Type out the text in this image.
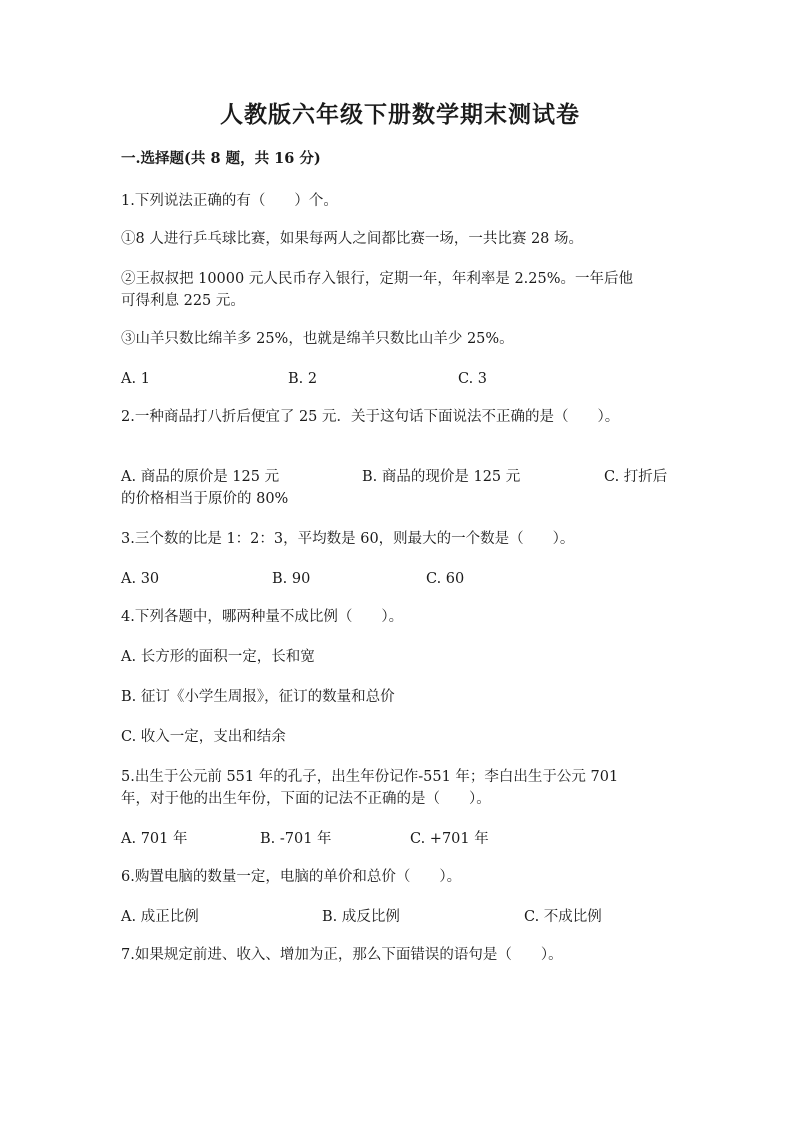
人教版六年级下册数学期末测试卷
一.选择题(共 8 题，共 16 分)
1.下列说法正确的有（　　）个。
①8 人进行乒乓球比赛，如果每两人之间都比赛一场，一共比赛 28 场。
②王叔叔把 10000 元人民币存入银行，定期一年，年利率是 2.25%。一年后他
可得利息 225 元。
③山羊只数比绵羊多 25%，也就是绵羊只数比山羊少 25%。
A. 1	B. 2	C. 3
2.一种商品打八折后便宜了 25 元．关于这句话下面说法不正确的是（　　）。
A. 商品的原价是 125 元	B. 商品的现价是 125 元	C. 打折后
的价格相当于原价的 80%
3.三个数的比是 1：2：3，平均数是 60，则最大的一个数是（　　）。
A. 30	B. 90	C. 60
4.下列各题中，哪两种量不成比例（　　）。
A. 长方形的面积一定，长和宽
B. 征订《小学生周报》，征订的数量和总价
C. 收入一定，支出和结余
5.出生于公元前 551 年的孔子，出生年份记作-551 年；李白出生于公元 701
年，对于他的出生年份，下面的记法不正确的是（　　）。
A. 701 年	B. -701 年	C. +701 年
6.购置电脑的数量一定，电脑的单价和总价（　　）。
A. 成正比例	B. 成反比例	C. 不成比例
7.如果规定前进、收入、增加为正，那么下面错误的语句是（　　）。
